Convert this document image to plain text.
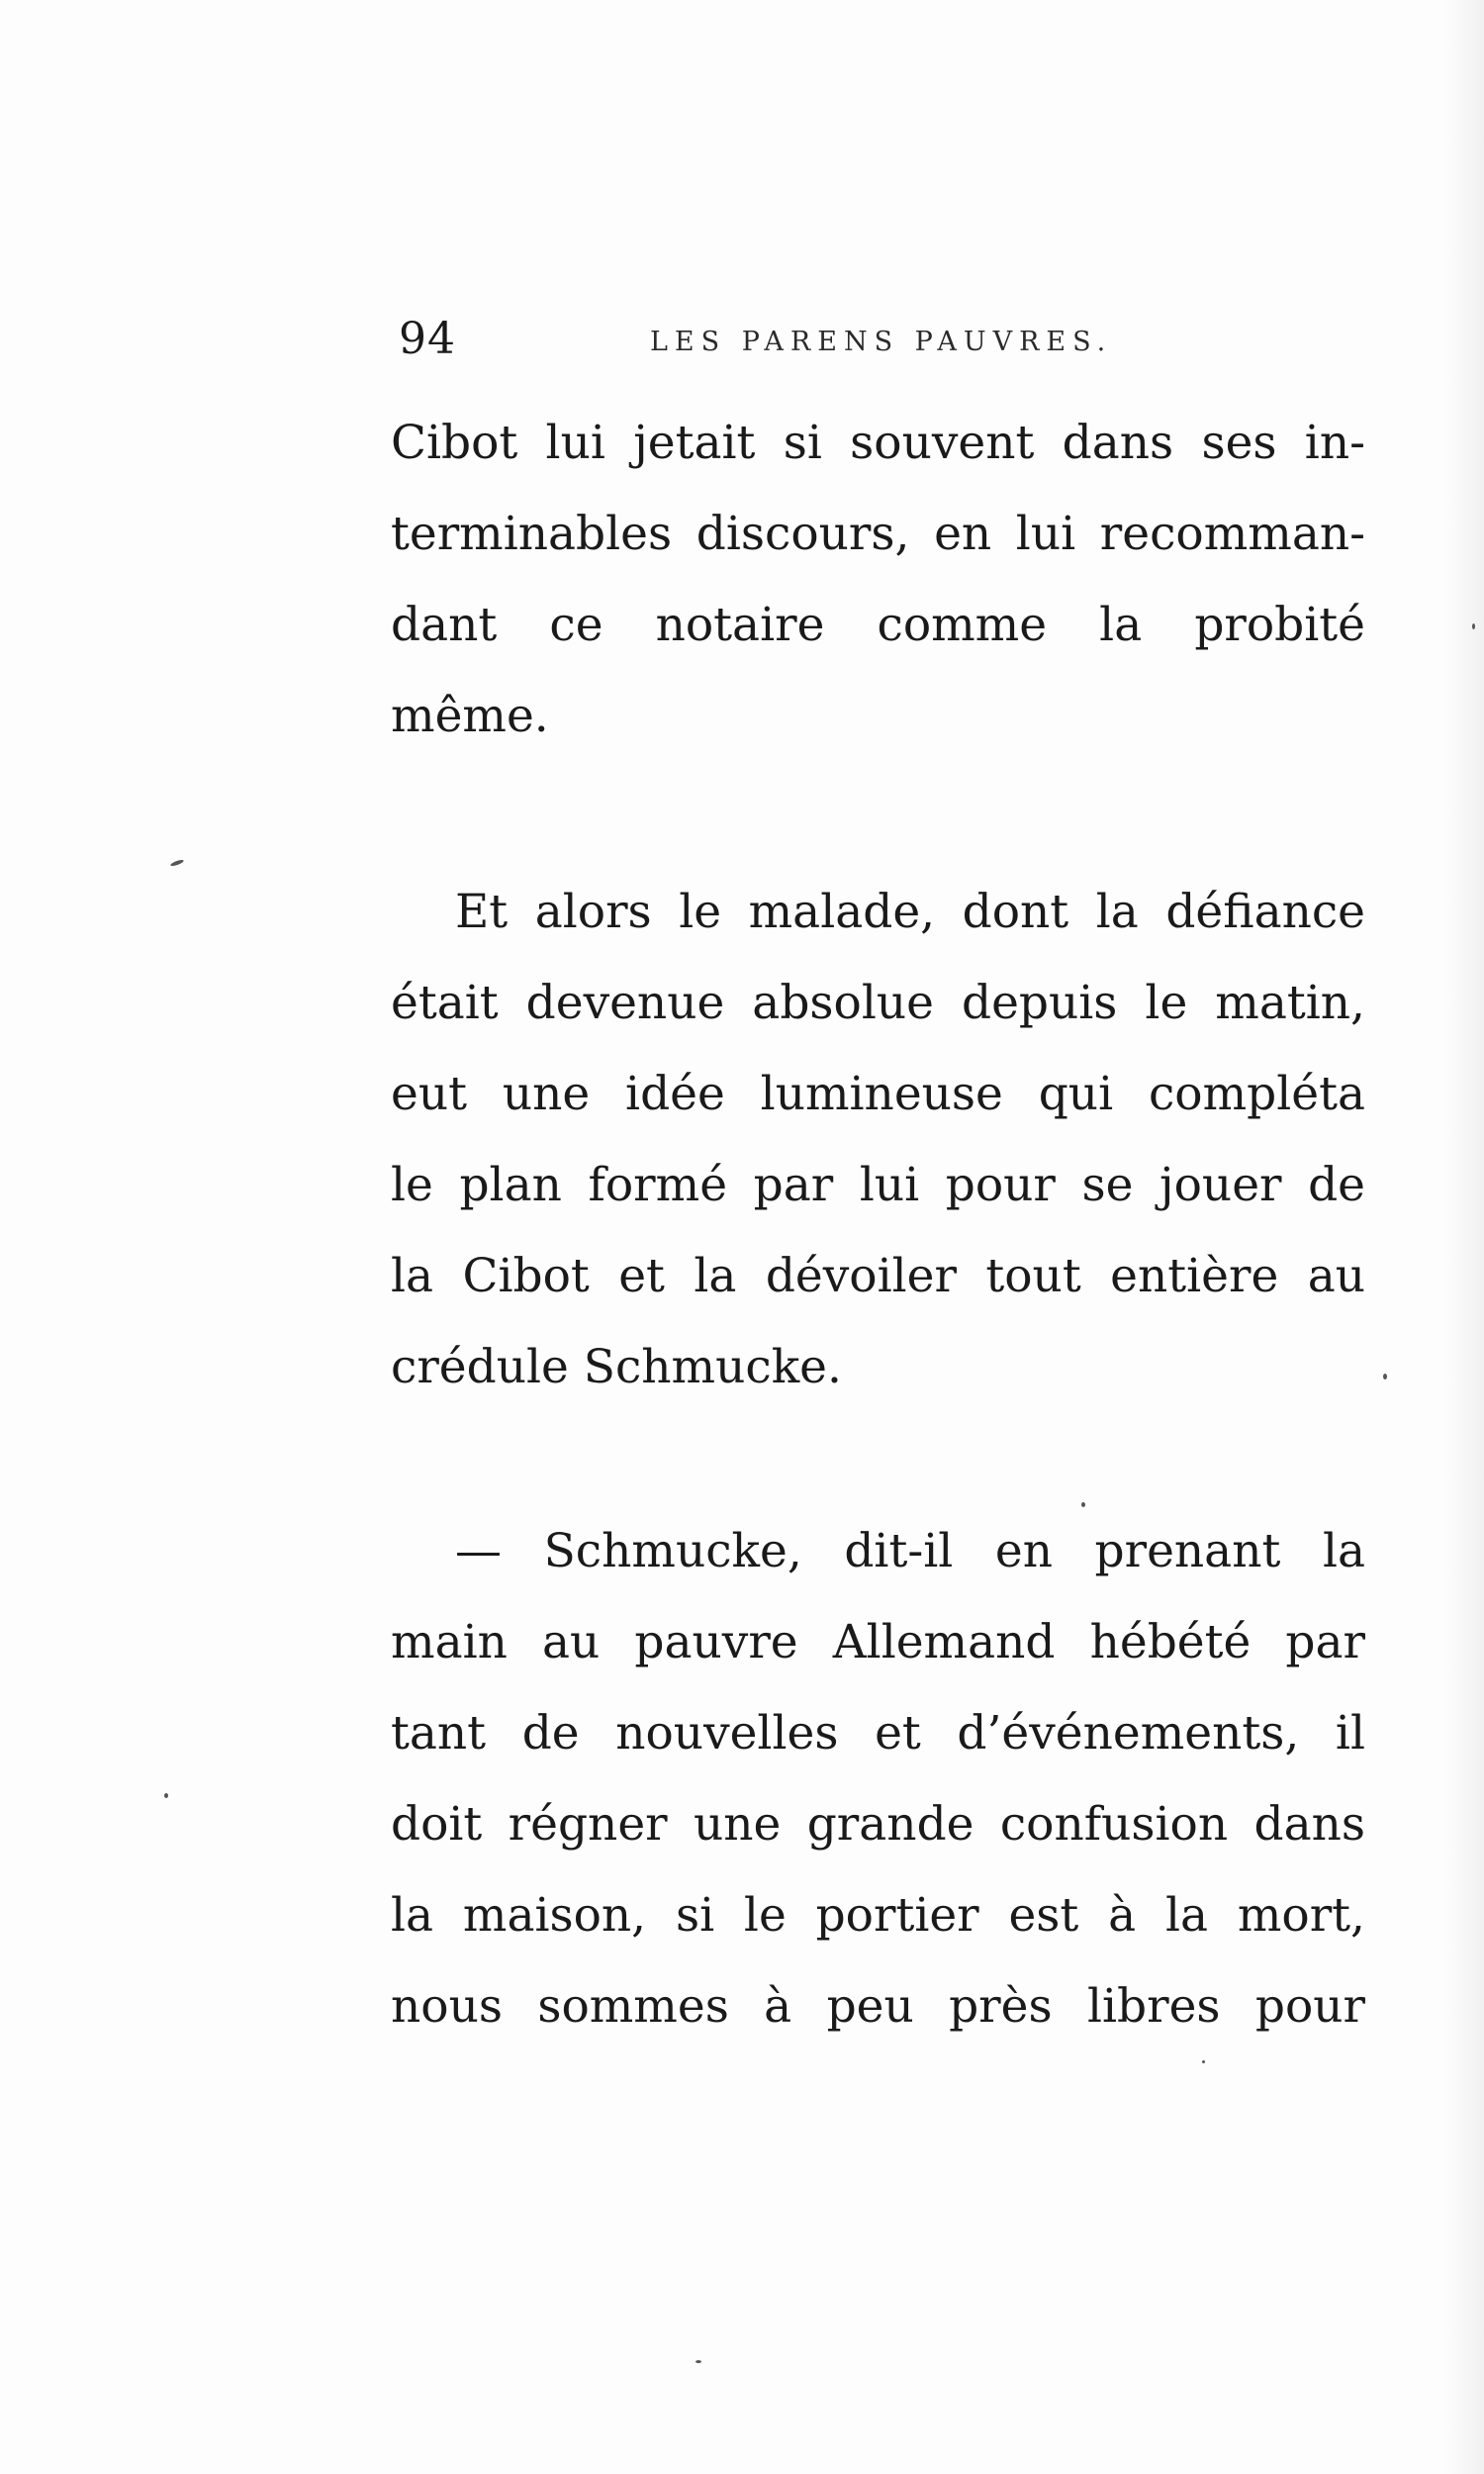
94	LES PARENS PAUVRES.
Cibot lui jetait si souvent dans ses in-
terminables discours, en lui recomman-
dant ce notaire comme la probité
même.
Et alors le malade, dont la défiance
était devenue absolue depuis le matin,
eut une idée lumineuse qui compléta
le plan formé par lui pour se jouer de
la Cibot et la dévoiler tout entière au
crédule Schmucke.
— Schmucke, dit-il en prenant la
main au pauvre Allemand hébété par
tant de nouvelles et d’événements, il
doit régner une grande confusion dans
la maison, si le portier est à la mort,
nous sommes à peu près libres pour
